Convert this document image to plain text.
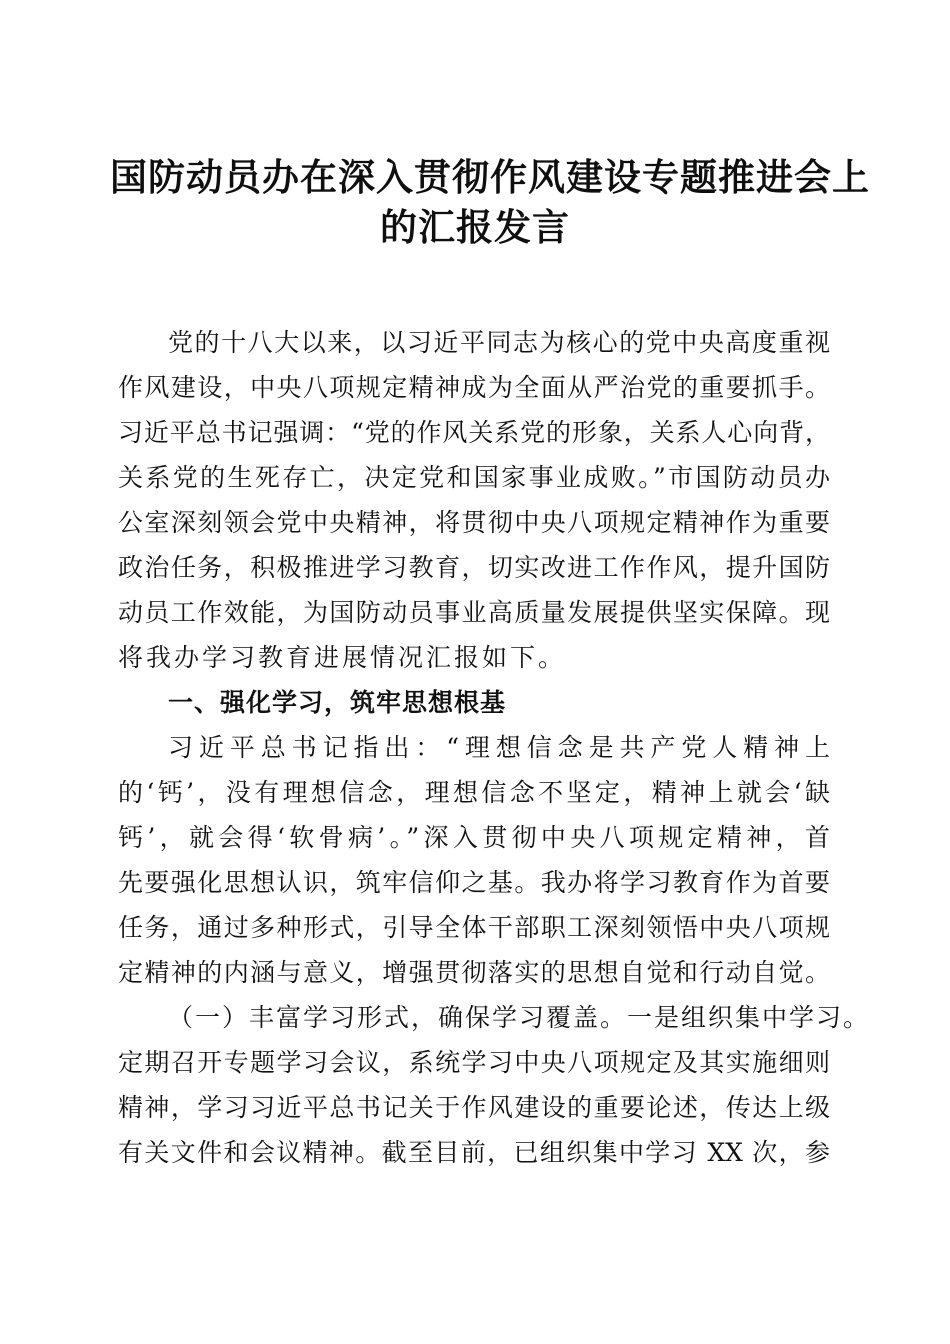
国防动员办在深入贯彻作风建设专题推进会上
的汇报发言
党的十八大以来，以习近平同志为核心的党中央高度重视
作风建设，中央八项规定精神成为全面从严治党的重要抓手。
习近平总书记强调：“党的作风关系党的形象，关系人心向背，
关系党的生死存亡，决定党和国家事业成败。”市国防动员办
公室深刻领会党中央精神，将贯彻中央八项规定精神作为重要
政治任务，积极推进学习教育，切实改进工作作风，提升国防
动员工作效能，为国防动员事业高质量发展提供坚实保障。现
将我办学习教育进展情况汇报如下。
一、强化学习，筑牢思想根基
习近平总书记指出：“理想信念是共产党人精神上
的‘钙’，没有理想信念，理想信念不坚定，精神上就会‘缺
钙’，就会得‘软骨病’。”深入贯彻中央八项规定精神，首
先要强化思想认识，筑牢信仰之基。我办将学习教育作为首要
任务，通过多种形式，引导全体干部职工深刻领悟中央八项规
定精神的内涵与意义，增强贯彻落实的思想自觉和行动自觉。
（一）丰富学习形式，确保学习覆盖。一是组织集中学习。
定期召开专题学习会议，系统学习中央八项规定及其实施细则
精神，学习习近平总书记关于作风建设的重要论述，传达上级
有关文件和会议精神。截至目前，已组织集中学习 XX 次，参
